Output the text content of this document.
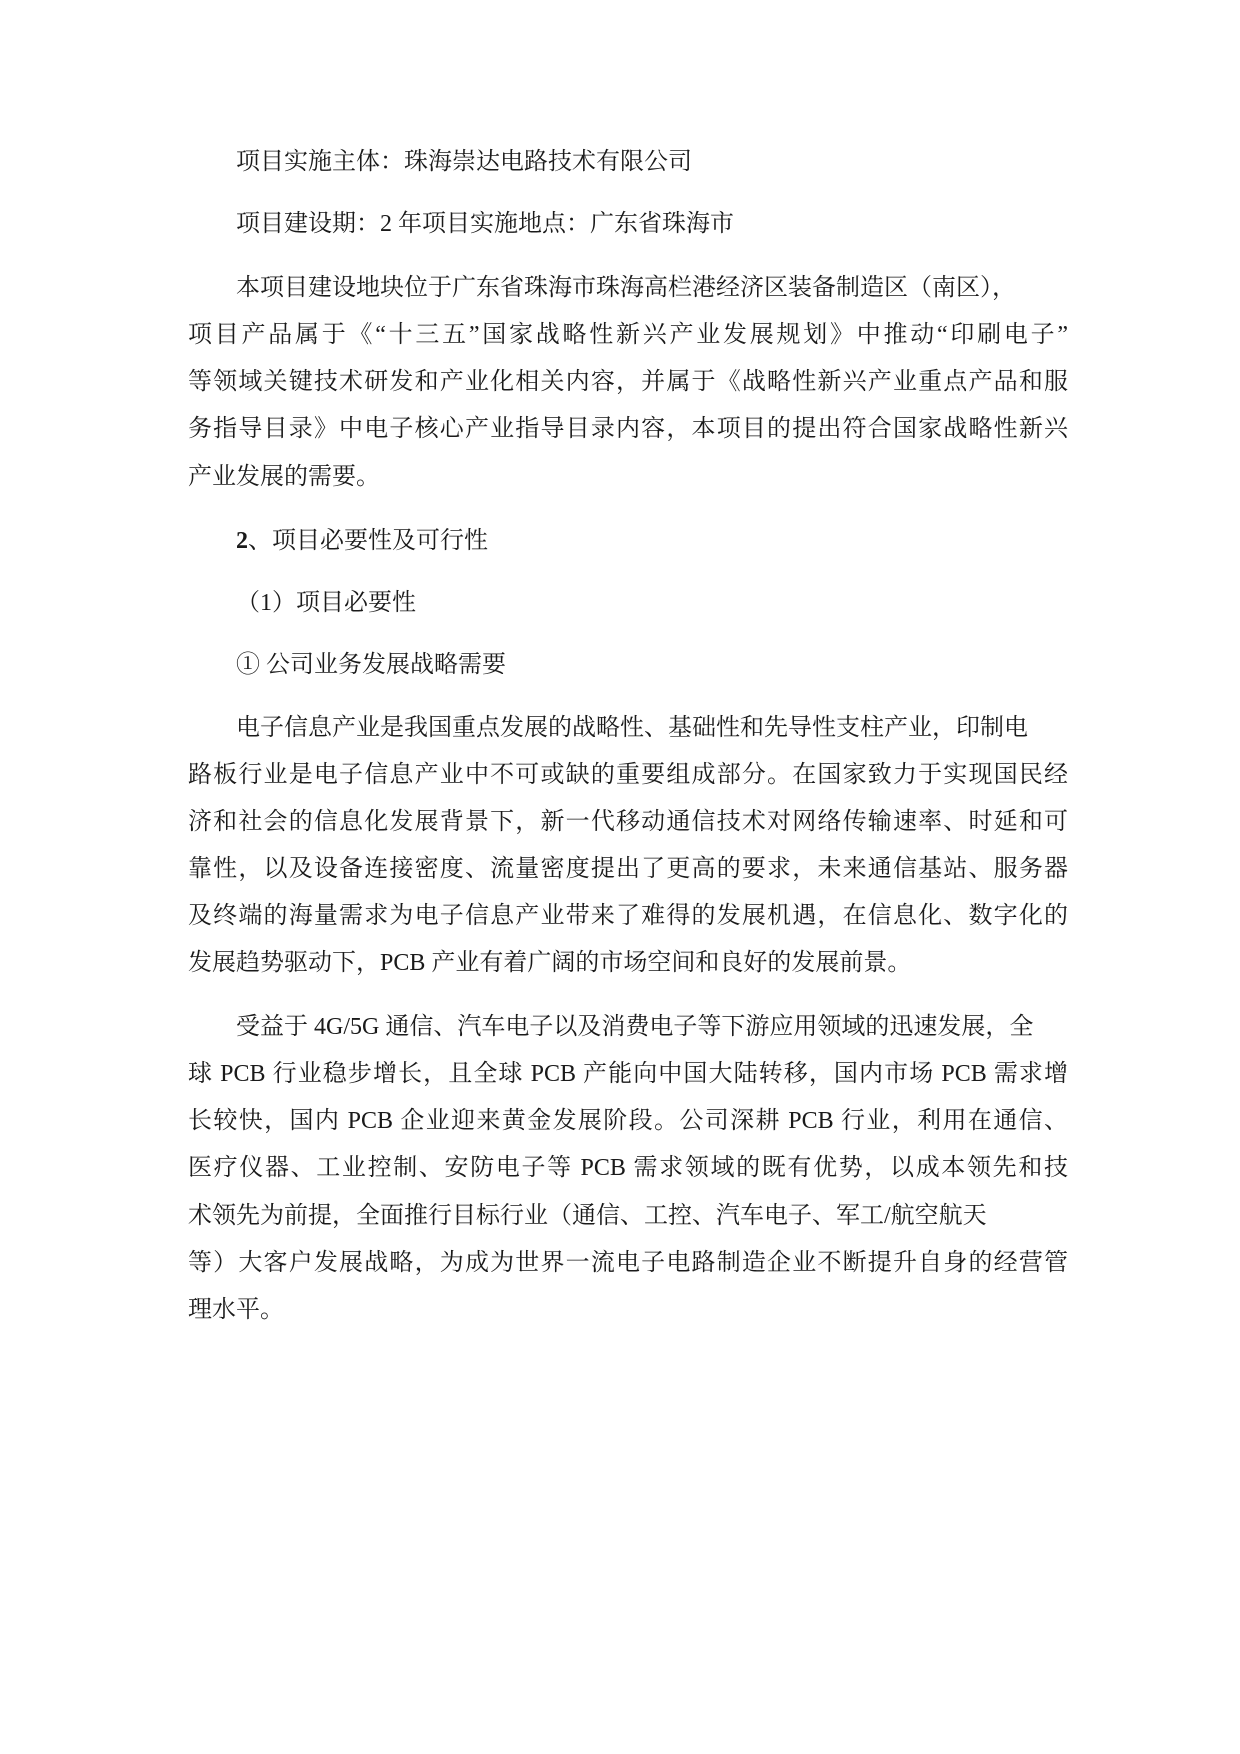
项目实施主体：珠海崇达电路技术有限公司
项目建设期：2 年项目实施地点：广东省珠海市
本项目建设地块位于广东省珠海市珠海高栏港经济区装备制造区（南区），
项目产品属于《“十三五”国家战略性新兴产业发展规划》中推动“印刷电子”
等领域关键技术研发和产业化相关内容，并属于《战略性新兴产业重点产品和服
务指导目录》中电子核心产业指导目录内容，本项目的提出符合国家战略性新兴
产业发展的需要。
2、项目必要性及可行性
（1）项目必要性
① 公司业务发展战略需要
电子信息产业是我国重点发展的战略性、基础性和先导性支柱产业，印制电
路板行业是电子信息产业中不可或缺的重要组成部分。在国家致力于实现国民经
济和社会的信息化发展背景下，新一代移动通信技术对网络传输速率、时延和可
靠性，以及设备连接密度、流量密度提出了更高的要求，未来通信基站、服务器
及终端的海量需求为电子信息产业带来了难得的发展机遇，在信息化、数字化的
发展趋势驱动下，PCB 产业有着广阔的市场空间和良好的发展前景。
受益于 4G/5G 通信、汽车电子以及消费电子等下游应用领域的迅速发展，全
球 PCB 行业稳步增长，且全球 PCB 产能向中国大陆转移，国内市场 PCB 需求增
长较快，国内 PCB 企业迎来黄金发展阶段。公司深耕 PCB 行业，利用在通信、
医疗仪器、工业控制、安防电子等 PCB 需求领域的既有优势，以成本领先和技
术领先为前提，全面推行目标行业（通信、工控、汽车电子、军工/航空航天
等）大客户发展战略，为成为世界一流电子电路制造企业不断提升自身的经营管
理水平。
